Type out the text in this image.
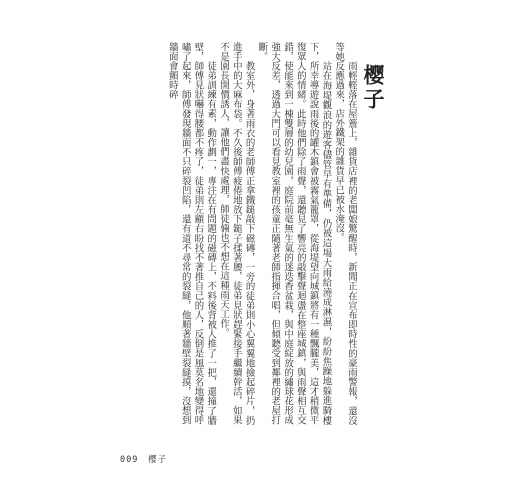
樱子

雨輕輕落在屋簷上，雜貨店裡的老闆娘驚醒時，新聞正在宣布即時性的豪雨警報，還沒等她反應過來，店外鐵架的雜貨早已被水淹沒。

站在海堤觀浪的遊客儘管早有準備，仍被這場大雨給澆成淋濕，紛紛焦躁地躲進騎樓下，所幸導遊說雨後的罐木鎮會被霧氣籠罩，從海堤望向城鎮將有一種飄朧美，這才稍微平復眾人的情緒。此時他們除了雨聲，還聽見了響亮的敲擊聲迴盪在整座城鎮，與雨聲相互交錯，使能來到一棟雙層的幼兒園，庭院前毫無生氣的迷迭香盆栽，與中庭綻放的繡球花形成強大反差，透過大門可以看見教室裡的孩童正隨著老師指揮合唱，但傾聽受到鄰裡的老屋打斷。

教室外，身著雨衣的老師傅正拿鐵鎚敲下磁磚，一旁的徒弟則小心翼翼地撿起碎片，扔進手中的大麻布袋。不久後師傅疲倦地放下鎚子揉著腰，徒弟見狀趕緊接手繼續幹活，如果不是園長開價誘人，讓他們盡快處理，師徒倆也不想在這種雨天工作。

徒弟訓練有素，動作劃一，專注在有問題的磁磚上，不料後背被人推了一把，還撞了牆壁，師傅見狀嚇得腰都不疼了，徒弟則左顧右盼找不著推自己的人，反倒是風莫名地變得呼嘯了起來，師傅發現牆面不只碎裂凹陷，還有道不尋常的裂縫，他順著牆壁裂縫摸，沒想到牆面會顫時碎

009 樱子
